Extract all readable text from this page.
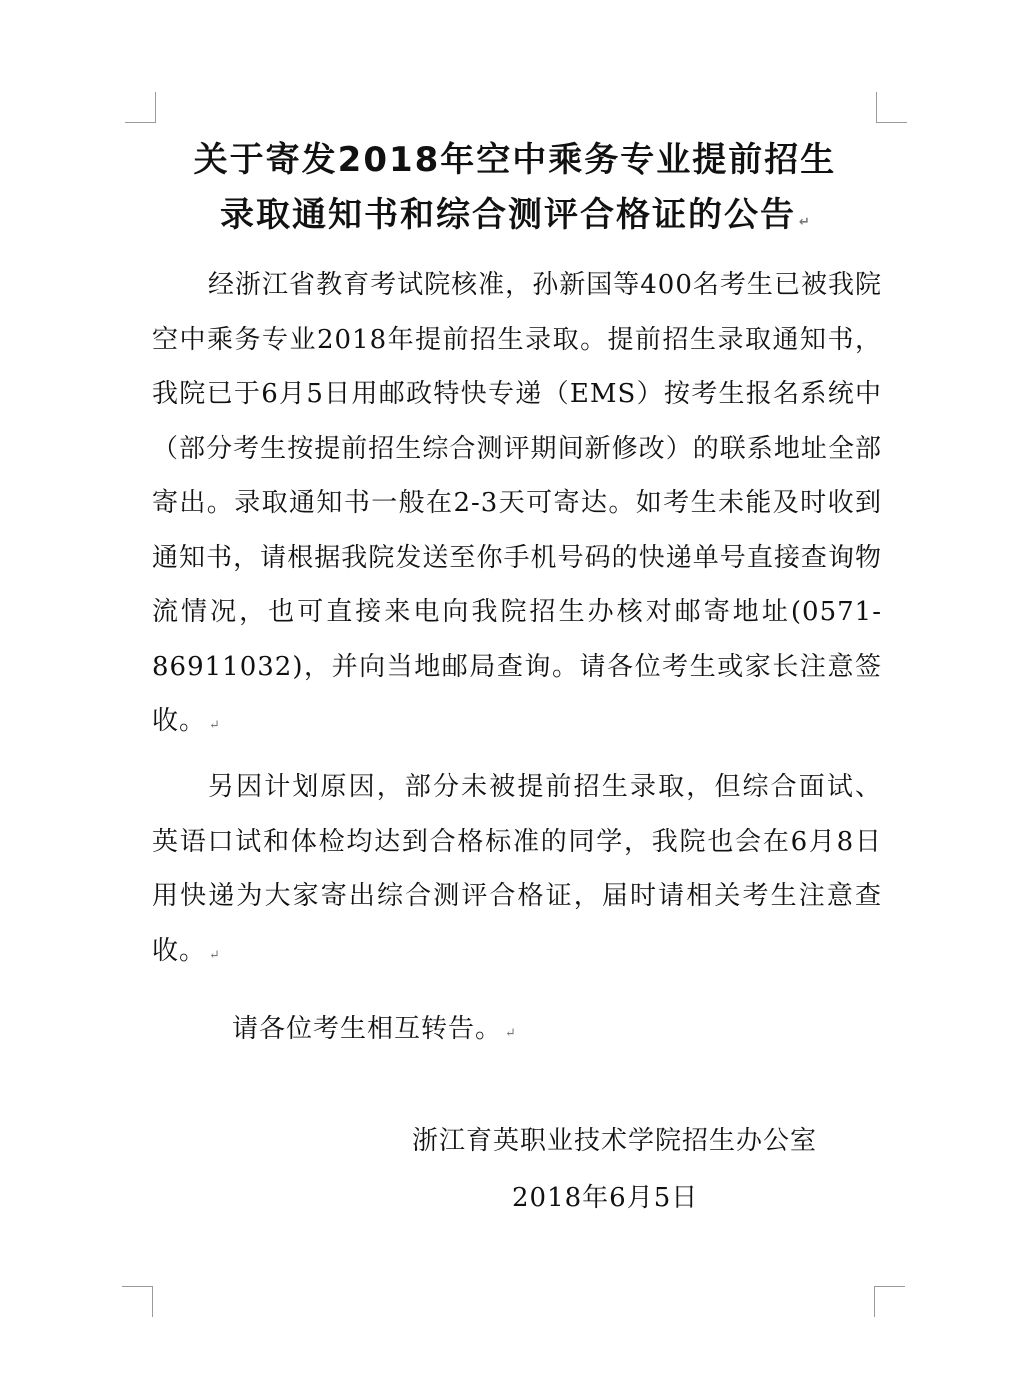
关于寄发2018年空中乘务专业提前招生
录取通知书和综合测评合格证的公告 ↵

经浙江省教育考试院核准，孙新国等400名考生已被我院空中乘务专业2018年提前招生录取。提前招生录取通知书，我院已于6月5日用邮政特快专递（EMS）按考生报名系统中（部分考生按提前招生综合测评期间新修改）的联系地址全部寄出。录取通知书一般在2-3天可寄达。如考生未能及时收到通知书，请根据我院发送至你手机号码的快递单号直接查询物流情况，也可直接来电向我院招生办核对邮寄地址(0571-86911032)，并向当地邮局查询。请各位考生或家长注意签收。 ↵

另因计划原因，部分未被提前招生录取，但综合面试、英语口试和体检均达到合格标准的同学，我院也会在6月8日用快递为大家寄出综合测评合格证，届时请相关考生注意查收。 ↵

请各位考生相互转告。 ↵

浙江育英职业技术学院招生办公室
2018年6月5日
